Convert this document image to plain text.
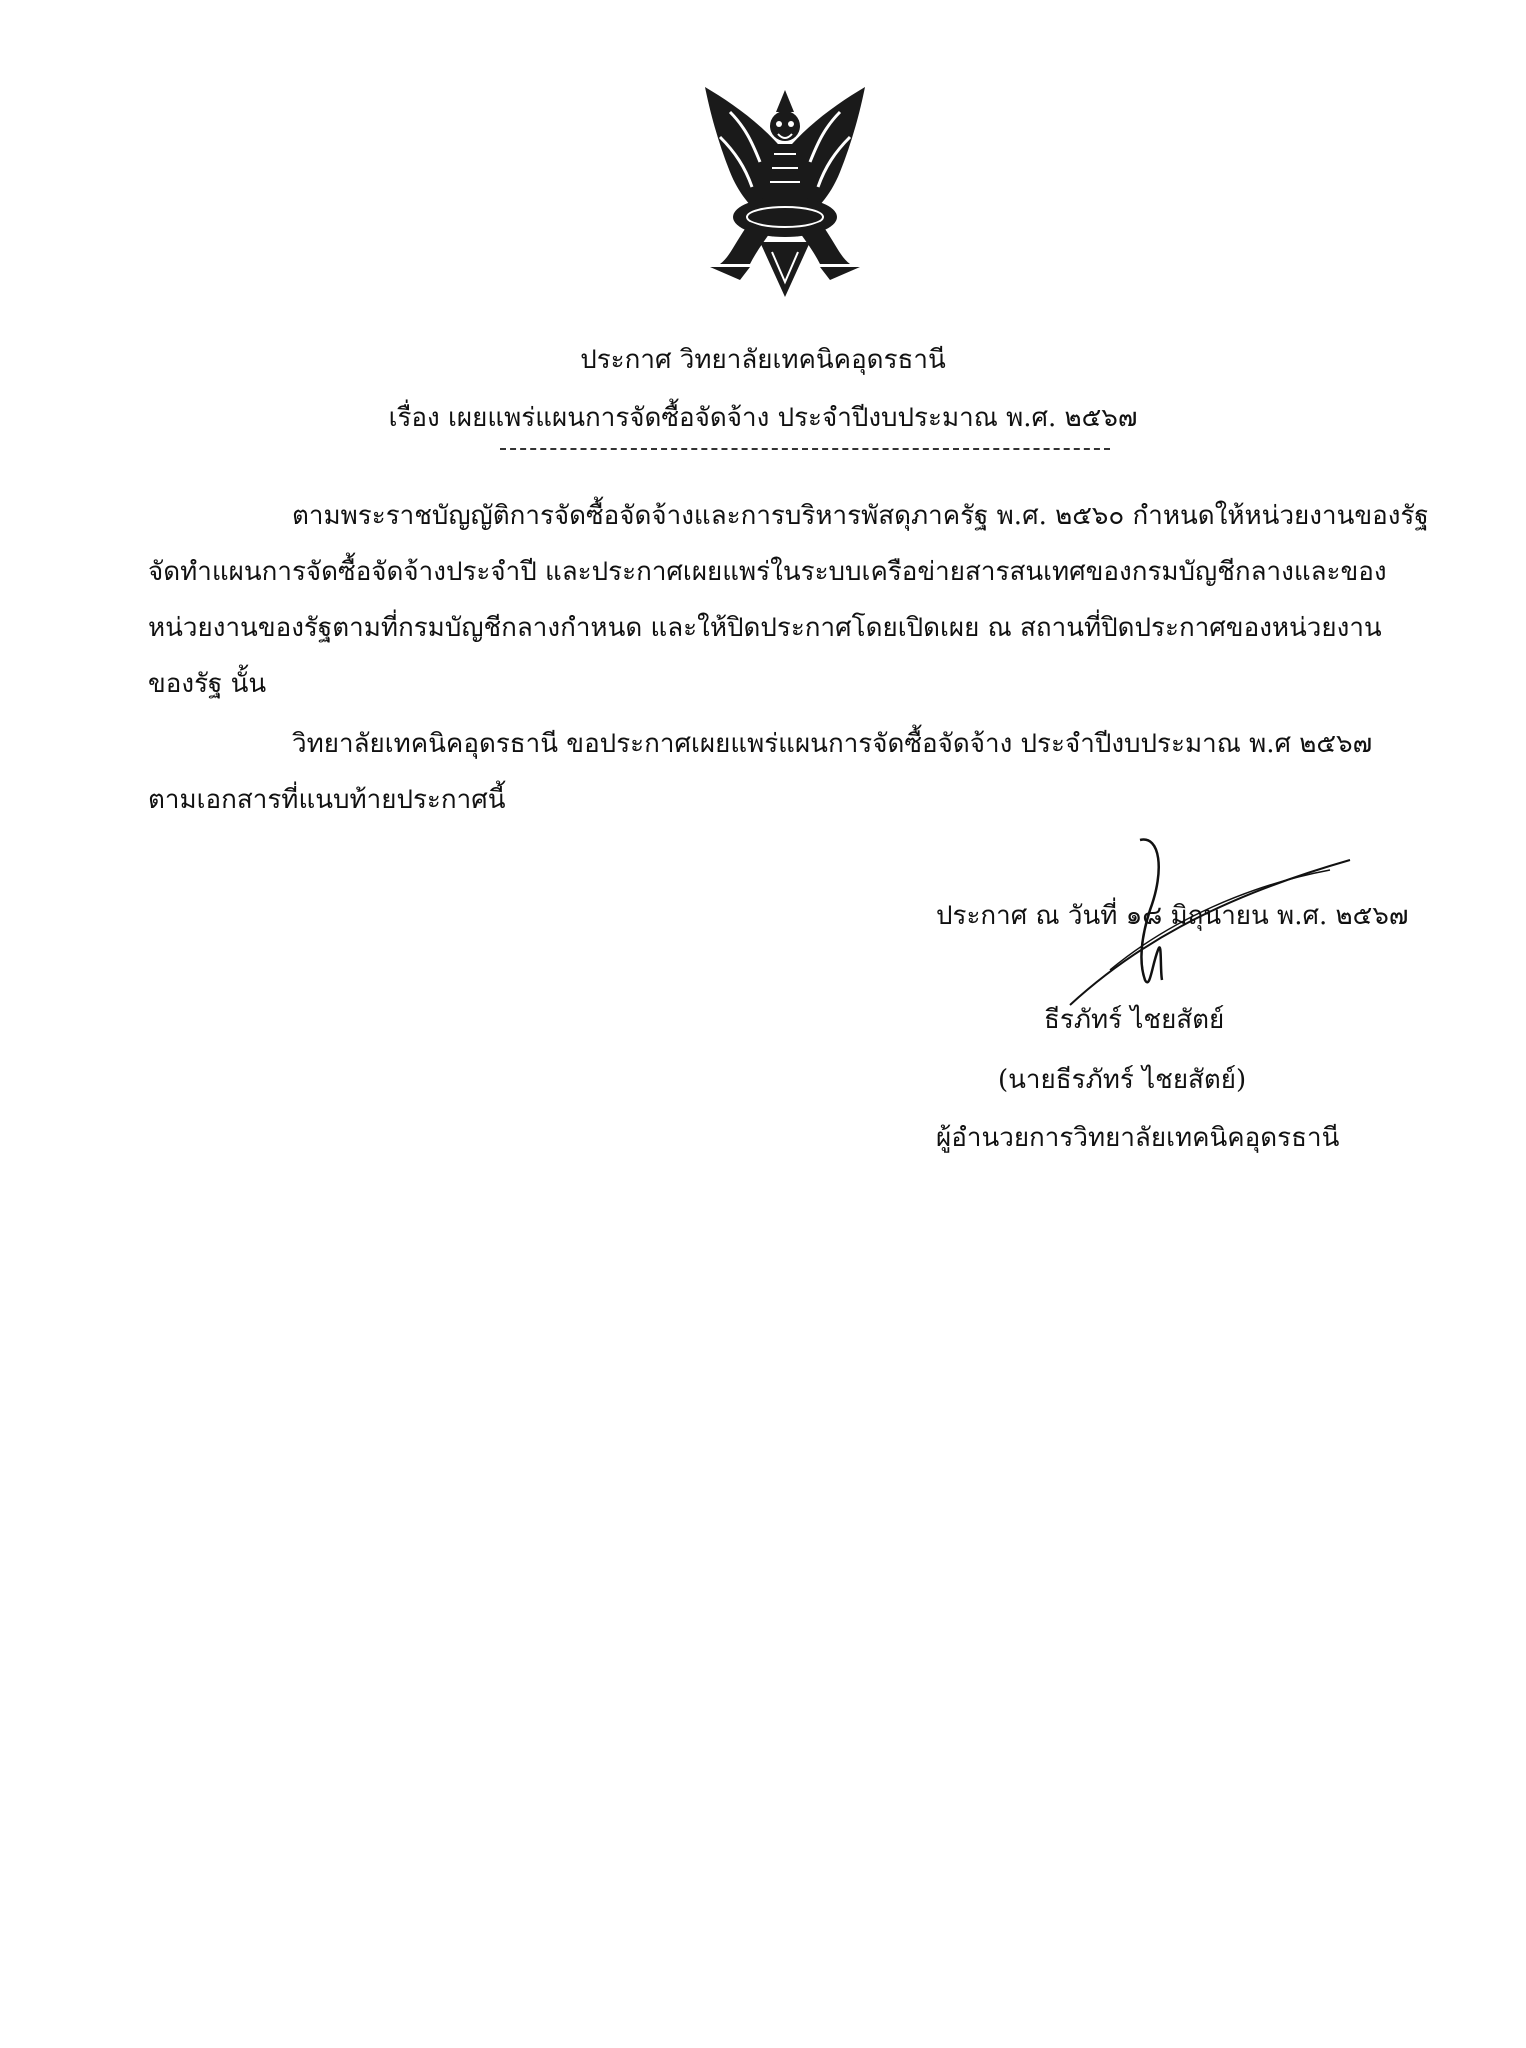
ประกาศ วิทยาลัยเทคนิคอุดรธานี
เรื่อง เผยแพร่แผนการจัดซื้อจัดจ้าง ประจำปีงบประมาณ พ.ศ. ๒๕๖๗
ตามพระราชบัญญัติการจัดซื้อจัดจ้างและการบริหารพัสดุภาครัฐ พ.ศ. ๒๕๖๐ กำหนดให้หน่วยงานของรัฐ
จัดทำแผนการจัดซื้อจัดจ้างประจำปี และประกาศเผยแพร่ในระบบเครือข่ายสารสนเทศของกรมบัญชีกลางและของ
หน่วยงานของรัฐตามที่กรมบัญชีกลางกำหนด และให้ปิดประกาศโดยเปิดเผย ณ สถานที่ปิดประกาศของหน่วยงาน
ของรัฐ นั้น
วิทยาลัยเทคนิคอุดรธานี ขอประกาศเผยแพร่แผนการจัดซื้อจัดจ้าง ประจำปีงบประมาณ พ.ศ ๒๕๖๗
ตามเอกสารที่แนบท้ายประกาศนี้
ประกาศ ณ วันที่ ๑๘ มิถุนายน พ.ศ. ๒๕๖๗
ธีรภัทร์ ไชยสัตย์
(นายธีรภัทร์ ไชยสัตย์)
ผู้อำนวยการวิทยาลัยเทคนิคอุดรธานี
